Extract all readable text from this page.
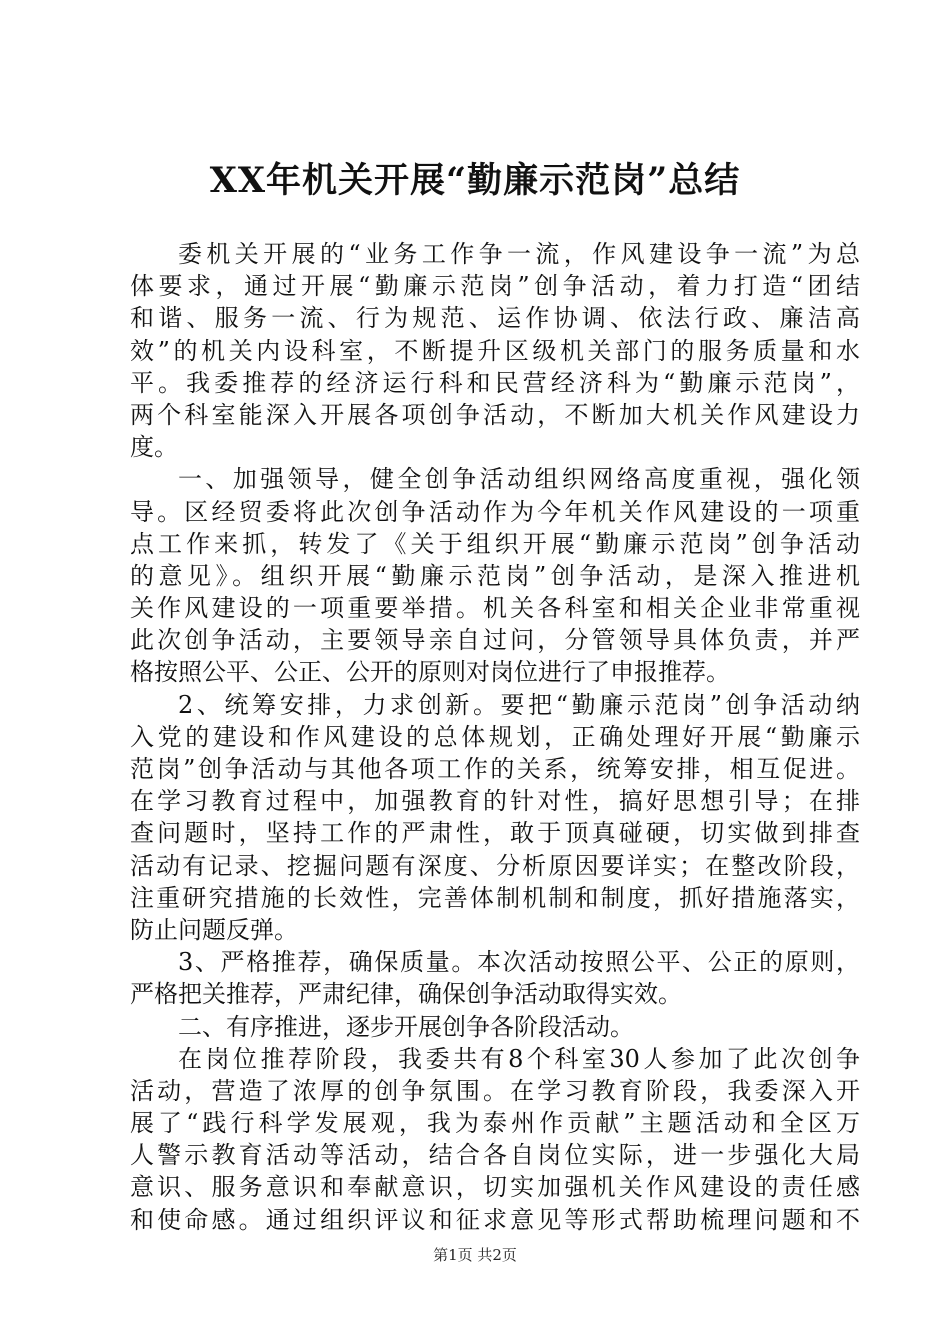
XX年机关开展“勤廉示范岗”总结
委机关开展的“业务工作争一流，作风建设争一流”为总
体要求，通过开展“勤廉示范岗”创争活动，着力打造“团结
和谐、服务一流、行为规范、运作协调、依法行政、廉洁高
效”的机关内设科室，不断提升区级机关部门的服务质量和水
平。我委推荐的经济运行科和民营经济科为“勤廉示范岗”，
两个科室能深入开展各项创争活动，不断加大机关作风建设力
度。
一、加强领导，健全创争活动组织网络高度重视，强化领
导。区经贸委将此次创争活动作为今年机关作风建设的一项重
点工作来抓，转发了《关于组织开展“勤廉示范岗”创争活动
的意见》。组织开展“勤廉示范岗”创争活动，是深入推进机
关作风建设的一项重要举措。机关各科室和相关企业非常重视
此次创争活动，主要领导亲自过问，分管领导具体负责，并严
格按照公平、公正、公开的原则对岗位进行了申报推荐。
2、统筹安排，力求创新。要把“勤廉示范岗”创争活动纳
入党的建设和作风建设的总体规划，正确处理好开展“勤廉示
范岗”创争活动与其他各项工作的关系，统筹安排，相互促进。
在学习教育过程中，加强教育的针对性，搞好思想引导；在排
查问题时，坚持工作的严肃性，敢于顶真碰硬，切实做到排查
活动有记录、挖掘问题有深度、分析原因要详实；在整改阶段，
注重研究措施的长效性，完善体制机制和制度，抓好措施落实，
防止问题反弹。
3、严格推荐，确保质量。本次活动按照公平、公正的原则，
严格把关推荐，严肃纪律，确保创争活动取得实效。
二、有序推进，逐步开展创争各阶段活动。
在岗位推荐阶段，我委共有8个科室30人参加了此次创争
活动，营造了浓厚的创争氛围。在学习教育阶段，我委深入开
展了“践行科学发展观，我为泰州作贡献”主题活动和全区万
人警示教育活动等活动，结合各自岗位实际，进一步强化大局
意识、服务意识和奉献意识，切实加强机关作风建设的责任感
和使命感。通过组织评议和征求意见等形式帮助梳理问题和不
第1页 共2页
